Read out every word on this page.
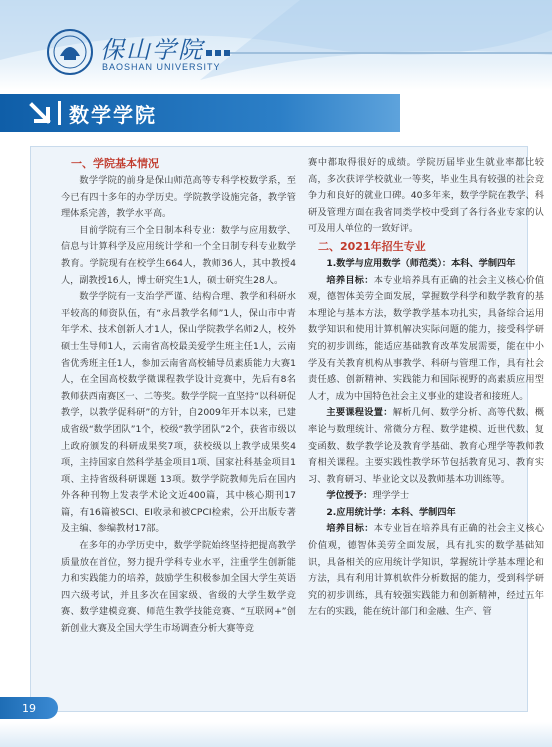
保山学院
BAOSHAN UNIVERSITY
数学学院
一、学院基本情况

数学学院的前身是保山师范高等专科学校数学系，至今已有四十多年的办学历史。学院教学设施完备，教学管理体系完善，教学水平高。

目前学院有三个全日制本科专业：数学与应用数学、信息与计算科学及应用统计学和一个全日制专科专业数学教育。学院现有在校学生664人，教师36人，其中教授4人，副教授16人，博士研究生1人，硕士研究生28人。

数学学院有一支治学严谨、结构合理、教学和科研水平较高的师资队伍，有“永昌教学名师”1人，保山市中青年学术、技术创新人才1人，保山学院教学名师2人，校外硕士生导师1人，云南省高校最美爱学生班主任1人，云南省优秀班主任1人，参加云南省高校辅导员素质能力大赛1人，在全国高校数学微课程教学设计竞赛中，先后有8名教师获西南赛区一、二等奖。数学学院一直坚持“以科研促教学，以教学促科研”的方针，自2009年开本以来，已建成省级“数学团队”1个，校级“教学团队”2个，获省市级以上政府颁发的科研成果奖7项，获校级以上教学成果奖4项，主持国家自然科学基金项目1项、国家社科基金项目1项、主持省级科研课题 13项。数学学院教师先后在国内外各种刊物上发表学术论文近400篇，其中核心期刊17篇，有16篇被SCI、EI收录和被CPCI检索，公开出版专著及主编、参编教材17部。

在多年的办学历史中，数学学院始终坚持把提高教学质量放在首位，努力提升学科专业水平，注重学生创新能力和实践能力的培养，鼓励学生积极参加全国大学生英语四六级考试，并且多次在国家级、省级的大学生数学竞赛、数学建模竞赛、师范生教学技能竞赛、“互联网+”创新创业大赛及全国大学生市场调查分析大赛等竞

赛中都取得很好的成绩。学院历届毕业生就业率都比较高，多次获评学校就业一等奖，毕业生具有较强的社会竞争力和良好的就业口碑。40多年来，数学学院在教学、科研及管理方面在我省同类学校中受到了各行各业专家的认可及用人单位的一致好评。

二、2021年招生专业

1.数学与应用数学（师范类）：本科、学制四年

培养目标：本专业培养具有正确的社会主义核心价值观，德智体美劳全面发展，掌握数学科学和数学教育的基本理论与基本方法，数学教学基本功扎实，具备综合运用数学知识和使用计算机解决实际问题的能力，接受科学研究的初步训练，能适应基础教育改革发展需要，能在中小学及有关教育机构从事教学、科研与管理工作，具有社会责任感、创新精神、实践能力和国际视野的高素质应用型人才，成为中国特色社会主义事业的建设者和接班人。

主要课程设置：解析几何、数学分析、高等代数、概率论与数理统计、常微分方程、数学建模、近世代数、复变函数、数学教学论及教育学基础、教育心理学等教师教育相关课程。主要实践性教学环节包括教育见习、教育实习、教育研习、毕业论文以及教师基本功训练等。

学位授予：理学学士

2.应用统计学：本科、学制四年

培养目标：本专业旨在培养具有正确的社会主义核心价值观，德智体美劳全面发展，具有扎实的数学基础知识，具备相关的应用统计学知识，掌握统计学基本理论和方法，具有利用计算机软件分析数据的能力，受到科学研究的初步训练，具有较强实践能力和创新精神，经过五年左右的实践，能在统计部门和金融、生产、管

19
